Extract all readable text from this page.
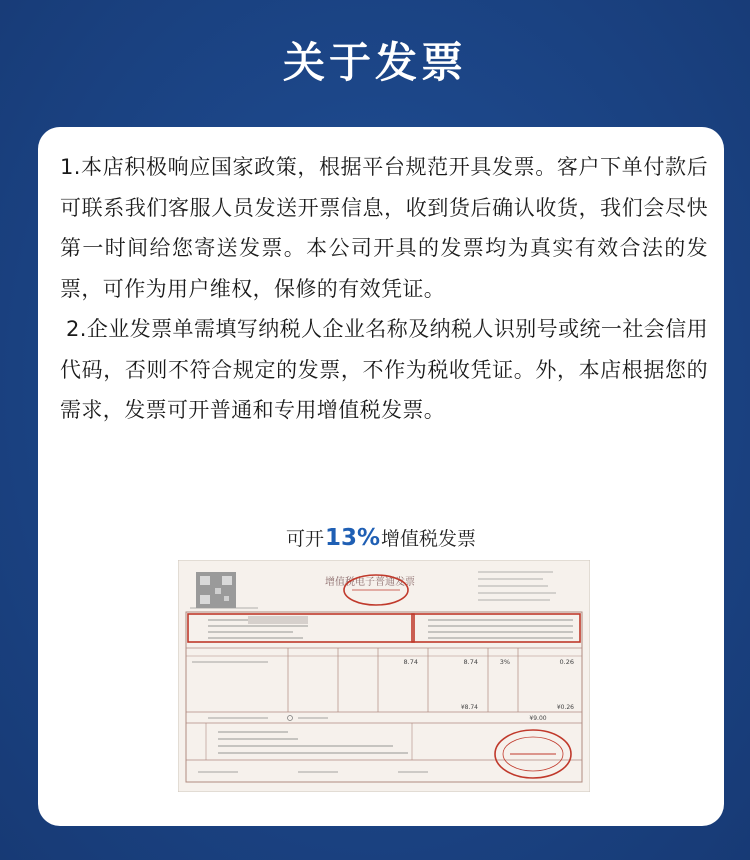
关于发票

1.本店积极响应国家政策，根据平台规范开具发票。客户下单付款后可联系我们客服人员发送开票信息，收到货后确认收货，我们会尽快第一时间给您寄送发票。本公司开具的发票均为真实有效合法的发票，可作为用户维权，保修的有效凭证。

2.企业发票单需填写纳税人企业名称及纳税人识别号或统一社会信用代码，否则不符合规定的发票，不作为税收凭证。外，本店根据您的需求，发票可开普通和专用增值税发票。

可开13%增值税发票
增值税电子普通发票
8.74	8.74	3%	0.26
¥8.74	¥0.26
¥9.00
